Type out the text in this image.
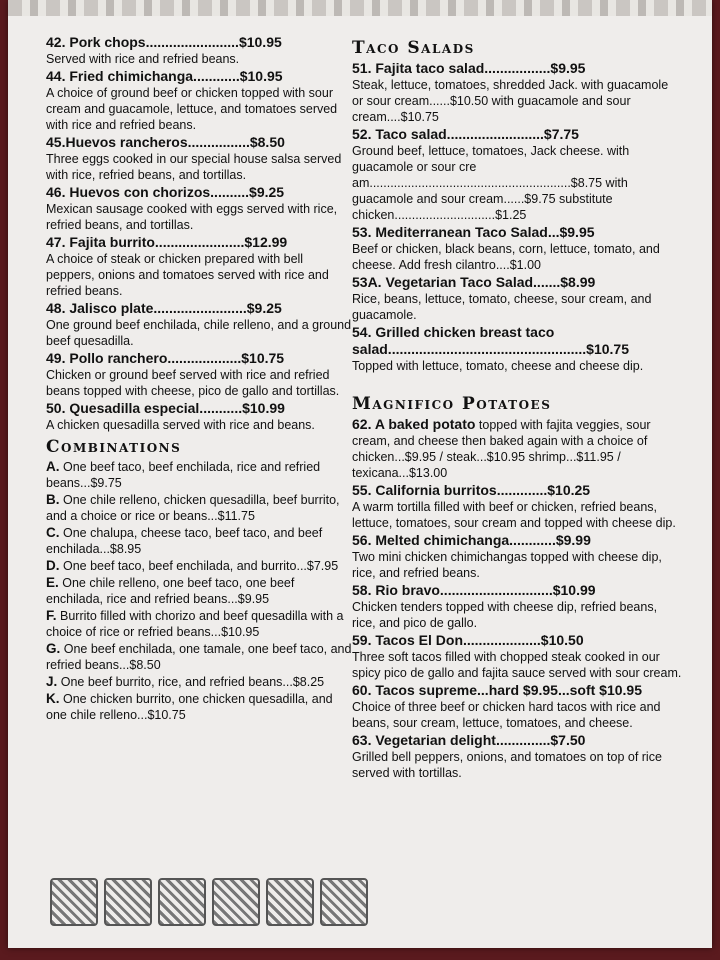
42. Pork chops........................$10.95
Served with rice and refried beans.
44. Fried chimichanga............$10.95
A choice of ground beef or chicken topped with sour cream and guacamole, lettuce, and tomatoes served with rice and refried beans.
45.Huevos rancheros................$8.50
Three eggs cooked in our special house salsa served with rice, refried beans, and tortillas.
46. Huevos con chorizos..........$9.25
Mexican sausage cooked with eggs served with rice, refried beans, and tortillas.
47. Fajita burrito.......................$12.99
A choice of steak or chicken prepared with bell peppers, onions and tomatoes served with rice and refried beans.
48. Jalisco plate........................$9.25
One ground beef enchilada, chile relleno, and a ground beef quesadilla.
49. Pollo ranchero...................$10.75
Chicken or ground beef served with rice and refried beans topped with cheese, pico de gallo and tortillas.
50. Quesadilla especial...........$10.99
A chicken quesadilla served with rice and beans.
Combinations
A. One beef taco, beef enchilada, rice and refried beans...$9.75
B. One chile relleno, chicken quesadilla, beef burrito, and a choice or rice or beans...$11.75
C. One chalupa, cheese taco, beef taco, and beef enchilada...$8.95
D. One beef taco, beef enchilada, and burrito...$7.95
E. One chile relleno, one beef taco, one beef enchilada, rice and refried beans...$9.95
F. Burrito filled with chorizo and beef quesadilla with a choice of rice or refried beans...$10.95
G. One beef enchilada, one tamale, one beef taco, and refried beans...$8.50
J. One beef burrito, rice, and refried beans...$8.25
K. One chicken burrito, one chicken quesadilla, and one chile relleno...$10.75
Taco Salads
51. Fajita taco salad.................$9.95
Steak, lettuce, tomatoes, shredded Jack. with guacamole or sour cream......$10.50 with guacamole and sour cream....$10.75
52. Taco salad.........................$7.75
Ground beef, lettuce, tomatoes, Jack cheese. with guacamole or sour cre am..........................................................$8.75 with guacamole and sour cream......$9.75 substitute chicken.............................$1.25
53. Mediterranean Taco Salad...$9.95
Beef or chicken, black beans, corn, lettuce, tomato, and cheese. Add fresh cilantro....$1.00
53A. Vegetarian Taco Salad.......$8.99
Rice, beans, lettuce, tomato, cheese, sour cream, and guacamole.
54. Grilled chicken breast taco salad...................................................$10.75
Topped with lettuce, tomato, cheese and cheese dip.
Magnifico Potatoes
62. A baked potato topped with fajita veggies, sour cream, and cheese then baked again with a choice of chicken...$9.95 / steak...$10.95 shrimp...$11.95 / texicana...$13.00
55. California burritos.............$10.25
A warm tortilla filled with beef or chicken, refried beans, lettuce, tomatoes, sour cream and topped with cheese dip.
56. Melted chimichanga............$9.99
Two mini chicken chimichangas topped with cheese dip, rice, and refried beans.
58. Rio bravo.............................$10.99
Chicken tenders topped with cheese dip, refried beans, rice, and pico de gallo.
59. Tacos El Don....................$10.50
Three soft tacos filled with chopped steak cooked in our spicy pico de gallo and fajita sauce served with sour cream.
60. Tacos supreme...hard $9.95...soft $10.95
Choice of three beef or chicken hard tacos with rice and beans, sour cream, lettuce, tomatoes, and cheese.
63. Vegetarian delight..............$7.50
Grilled bell peppers, onions, and tomatoes on top of rice served with tortillas.
